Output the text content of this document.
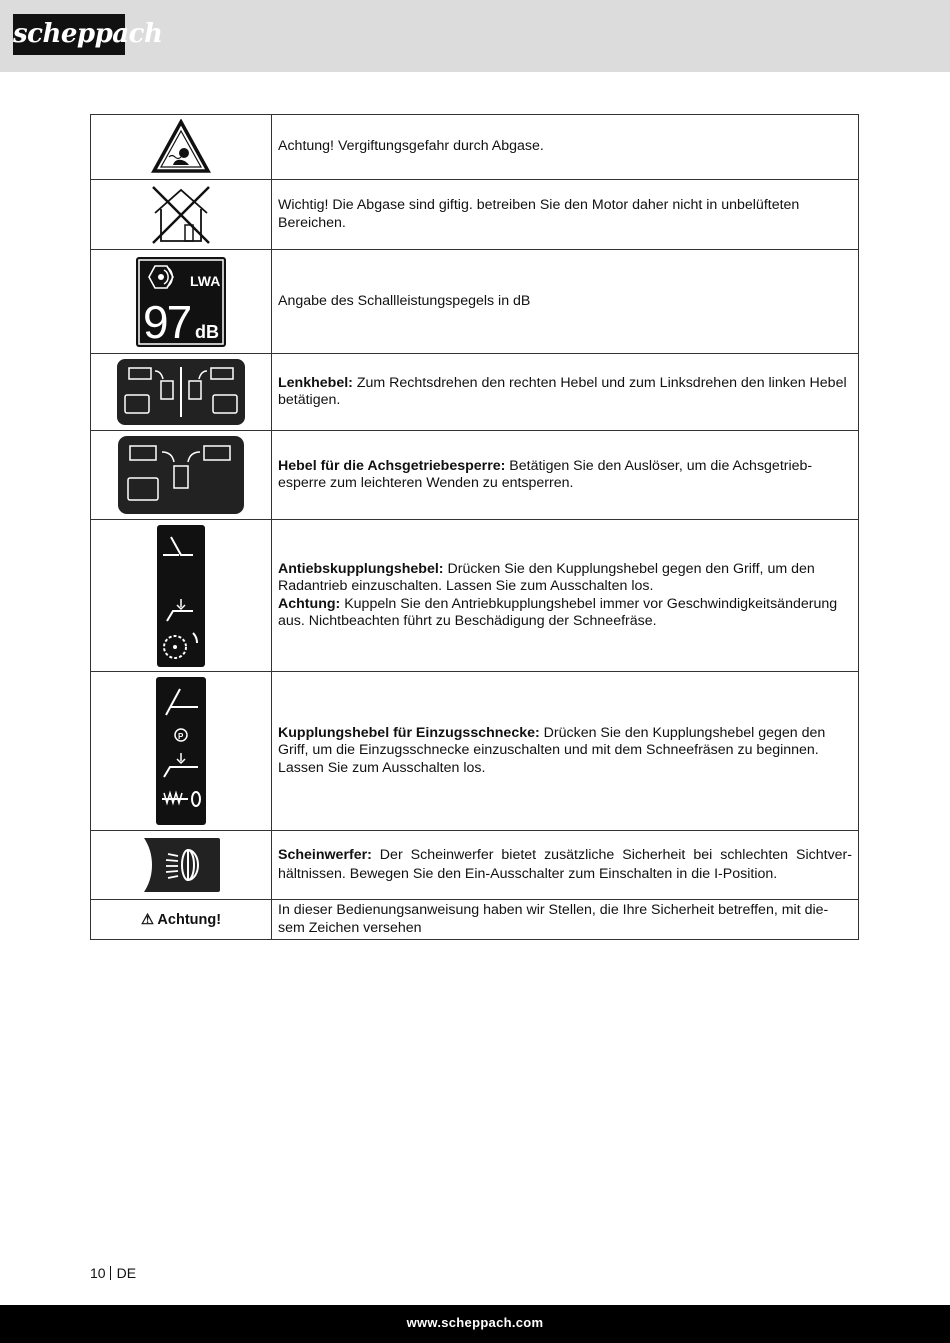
scheppach
	Achtung! Vergiftungsgefahr durch Abgase.

	Wichtig! Die Abgase sind giftig. betreiben Sie den Motor daher nicht in unbelüfteten Bereichen.

LWA
97 dB	Angabe des Schallleistungspegels in dB

	Lenkhebel: Zum Rechtsdrehen den rechten Hebel und zum Linksdrehen den linken Hebel betätigen.

	Hebel für die Achsgetriebesperre: Betätigen Sie den Auslöser, um die Achsgetrieb-esperre zum leichteren Wenden zu entsperren.

	Antiebskupplungshebel: Drücken Sie den Kupplungshebel gegen den Griff, um den Radantrieb einzuschalten. Lassen Sie zum Ausschalten los.
Achtung: Kuppeln Sie den Antriebkupplungshebel immer vor Geschwindigkeitsänderung aus. Nichtbeachten führt zu Beschädigung der Schneefräse.

P	Kupplungshebel für Einzugsschnecke: Drücken Sie den Kupplungshebel gegen den Griff, um die Einzugsschnecke einzuschalten und mit dem Schneefräsen zu beginnen. Lassen Sie zum Ausschalten los.

	Scheinwerfer: Der Scheinwerfer bietet zusätzliche Sicherheit bei schlechten Sichtver-hältnissen. Bewegen Sie den Ein-Ausschalter zum Einschalten in die I-Position.
⚠ Achtung!	In dieser Bedienungsanweisung haben wir Stellen, die Ihre Sicherheit betreffen, mit die-sem Zeichen versehen
10 DE
www.scheppach.com
